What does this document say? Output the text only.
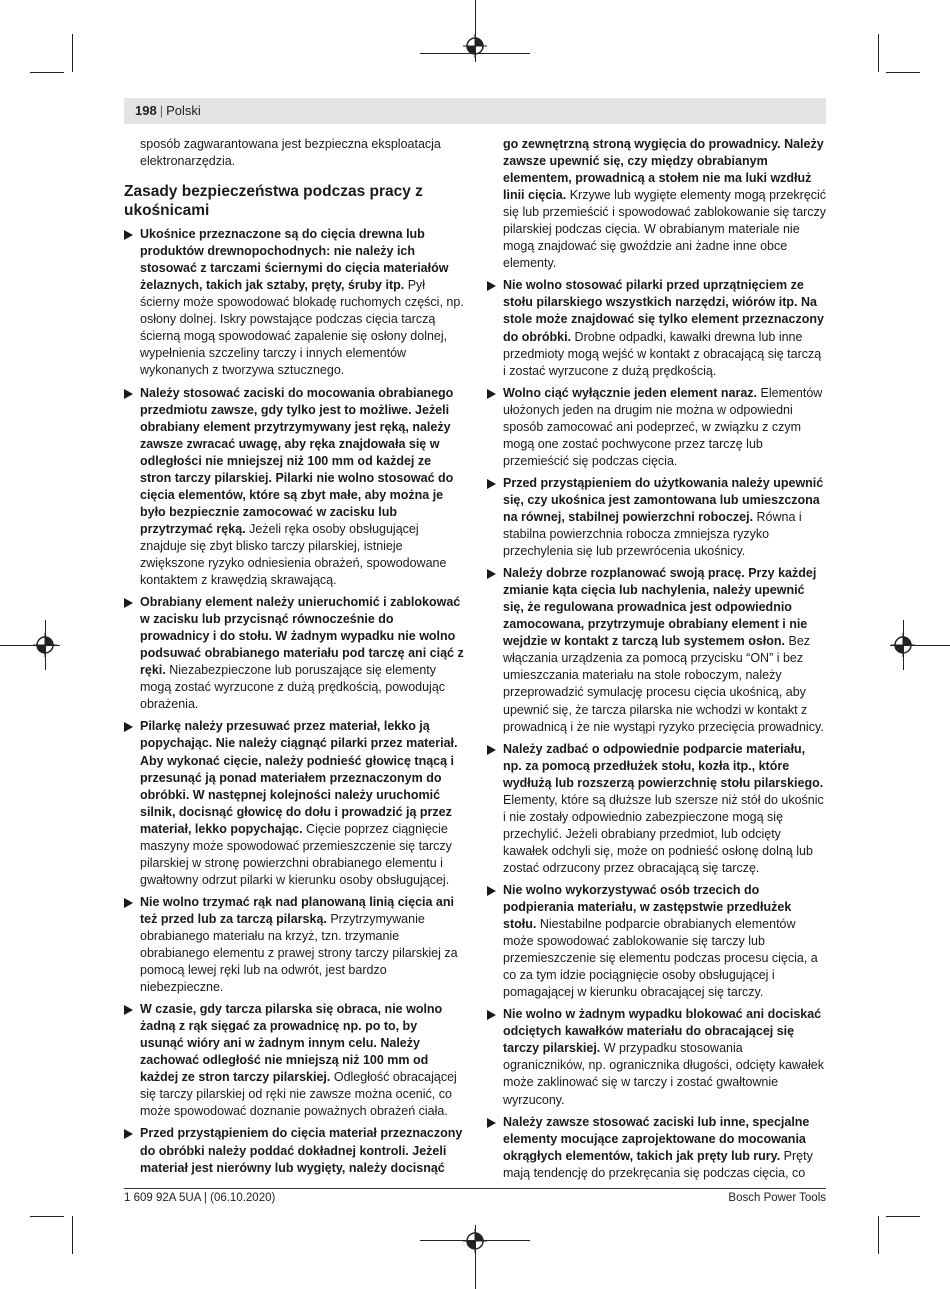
198 | Polski

sposób zagwarantowana jest bezpieczna eksploatacja elektronarzędzia.

Zasady bezpieczeństwa podczas pracy z ukośnicami
Ukośnice przeznaczone są do cięcia drewna lub produktów drewnopochodnych: nie należy ich stosować z tarczami ściernymi do cięcia materiałów żelaznych, takich jak sztaby, pręty, śruby itp. Pył ścierny może spowodować blokadę ruchomych części, np. osłony dolnej. Iskry powstające podczas cięcia tarczą ścierną mogą spowodować zapalenie się osłony dolnej, wypełnienia szczeliny tarczy i innych elementów wykonanych z tworzywa sztucznego.
Należy stosować zaciski do mocowania obrabianego przedmiotu zawsze, gdy tylko jest to możliwe. Jeżeli obrabiany element przytrzymywany jest ręką, należy zawsze zwracać uwagę, aby ręka znajdowała się w odległości nie mniejszej niż 100 mm od każdej ze stron tarczy pilarskiej. Pilarki nie wolno stosować do cięcia elementów, które są zbyt małe, aby można je było bezpiecznie zamocować w zacisku lub przytrzymać ręką. Jeżeli ręka osoby obsługującej znajduje się zbyt blisko tarczy pilarskiej, istnieje zwiększone ryzyko odniesienia obrażeń, spowodowane kontaktem z krawędzią skrawającą.
Obrabiany element należy unieruchomić i zablokować w zacisku lub przycisnąć równocześnie do prowadnicy i do stołu. W żadnym wypadku nie wolno podsuwać obrabianego materiału pod tarczę ani ciąć z ręki. Niezabezpieczone lub poruszające się elementy mogą zostać wyrzucone z dużą prędkością, powodując obrażenia.
Pilarkę należy przesuwać przez materiał, lekko ją popychając. Nie należy ciągnąć pilarki przez materiał. Aby wykonać cięcie, należy podnieść głowicę tnącą i przesunąć ją ponad materiałem przeznaczonym do obróbki. W następnej kolejności należy uruchomić silnik, docisnąć głowicę do dołu i prowadzić ją przez materiał, lekko popychając. Cięcie poprzez ciągnięcie maszyny może spowodować przemieszczenie się tarczy pilarskiej w stronę powierzchni obrabianego elementu i gwałtowny odrzut pilarki w kierunku osoby obsługującej.
Nie wolno trzymać rąk nad planowaną linią cięcia ani też przed lub za tarczą pilarską. Przytrzymywanie obrabianego materiału na krzyż, tzn. trzymanie obrabianego elementu z prawej strony tarczy pilarskiej za pomocą lewej ręki lub na odwrót, jest bardzo niebezpieczne.
W czasie, gdy tarcza pilarska się obraca, nie wolno żadną z rąk sięgać za prowadnicę np. po to, by usunąć wióry ani w żadnym innym celu. Należy zachować odległość nie mniejszą niż 100 mm od każdej ze stron tarczy pilarskiej. Odległość obracającej się tarczy pilarskiej od ręki nie zawsze można ocenić, co może spowodować doznanie poważnych obrażeń ciała.
Przed przystąpieniem do cięcia materiał przeznaczony do obróbki należy poddać dokładnej kontroli. Jeżeli materiał jest nierówny lub wygięty, należy docisnąć

go zewnętrzną stroną wygięcia do prowadnicy. Należy zawsze upewnić się, czy między obrabianym elementem, prowadnicą a stołem nie ma luki wzdłuż linii cięcia. Krzywe lub wygięte elementy mogą przekręcić się lub przemieścić i spowodować zablokowanie się tarczy pilarskiej podczas cięcia. W obrabianym materiale nie mogą znajdować się gwoździe ani żadne inne obce elementy.

Nie wolno stosować pilarki przed uprzątnięciem ze stołu pilarskiego wszystkich narzędzi, wiórów itp. Na stole może znajdować się tylko element przeznaczony do obróbki. Drobne odpadki, kawałki drewna lub inne przedmioty mogą wejść w kontakt z obracającą się tarczą i zostać wyrzucone z dużą prędkością.
Wolno ciąć wyłącznie jeden element naraz. Elementów ułożonych jeden na drugim nie można w odpowiedni sposób zamocować ani podeprzeć, w związku z czym mogą one zostać pochwycone przez tarczę lub przemieścić się podczas cięcia.
Przed przystąpieniem do użytkowania należy upewnić się, czy ukośnica jest zamontowana lub umieszczona na równej, stabilnej powierzchni roboczej. Równa i stabilna powierzchnia robocza zmniejsza ryzyko przechylenia się lub przewrócenia ukośnicy.
Należy dobrze rozplanować swoją pracę. Przy każdej zmianie kąta cięcia lub nachylenia, należy upewnić się, że regulowana prowadnica jest odpowiednio zamocowana, przytrzymuje obrabiany element i nie wejdzie w kontakt z tarczą lub systemem osłon. Bez włączania urządzenia za pomocą przycisku “ON” i bez umieszczania materiału na stole roboczym, należy przeprowadzić symulację procesu cięcia ukośnicą, aby upewnić się, że tarcza pilarska nie wchodzi w kontakt z prowadnicą i że nie wystąpi ryzyko przecięcia prowadnicy.
Należy zadbać o odpowiednie podparcie materiału, np. za pomocą przedłużek stołu, kozła itp., które wydłużą lub rozszerzą powierzchnię stołu pilarskiego. Elementy, które są dłuższe lub szersze niż stół do ukośnic i nie zostały odpowiednio zabezpieczone mogą się przechylić. Jeżeli obrabiany przedmiot, lub odcięty kawałek odchyli się, może on podnieść osłonę dolną lub zostać odrzucony przez obracającą się tarczę.
Nie wolno wykorzystywać osób trzecich do podpierania materiału, w zastępstwie przedłużek stołu. Niestabilne podparcie obrabianych elementów może spowodować zablokowanie się tarczy lub przemieszczenie się elementu podczas procesu cięcia, a co za tym idzie pociągnięcie osoby obsługującej i pomagającej w kierunku obracającej się tarczy.
Nie wolno w żadnym wypadku blokować ani dociskać odciętych kawałków materiału do obracającej się tarczy pilarskiej. W przypadku stosowania ograniczników, np. ogranicznika długości, odcięty kawałek może zaklinować się w tarczy i zostać gwałtownie wyrzucony.
Należy zawsze stosować zaciski lub inne, specjalne elementy mocujące zaprojektowane do mocowania okrągłych elementów, takich jak pręty lub rury. Pręty mają tendencję do przekręcania się podczas cięcia, co
1 609 92A 5UA | (06.10.2020)	Bosch Power Tools
